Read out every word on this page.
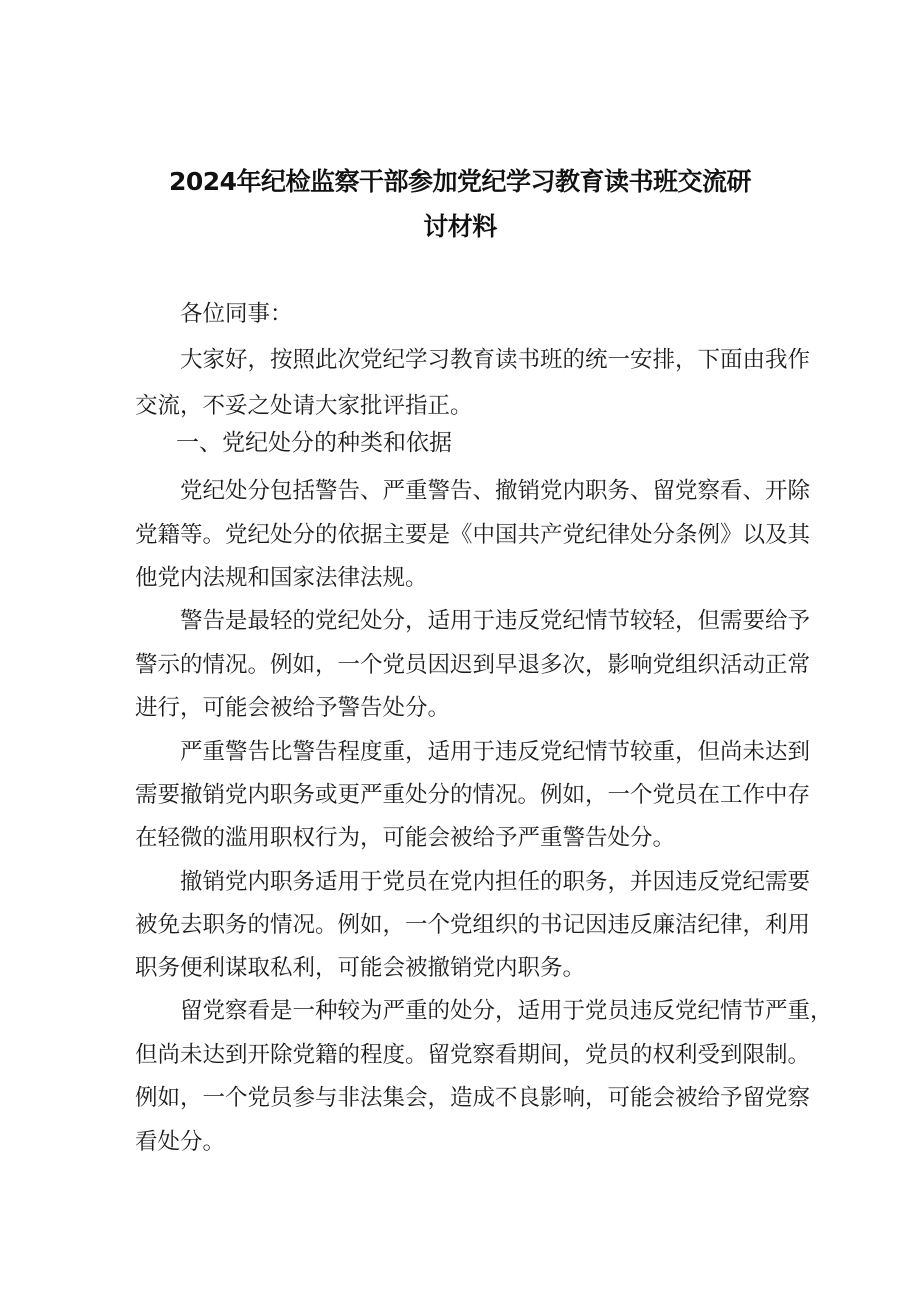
2024年纪检监察干部参加党纪学习教育读书班交流研
讨材料

各位同事：

大家好，按照此次党纪学习教育读书班的统一安排，下面由我作

交流，不妥之处请大家批评指正。

一、党纪处分的种类和依据

党纪处分包括警告、严重警告、撤销党内职务、留党察看、开除

党籍等。党纪处分的依据主要是《中国共产党纪律处分条例》以及其

他党内法规和国家法律法规。

警告是最轻的党纪处分，适用于违反党纪情节较轻，但需要给予

警示的情况。例如，一个党员因迟到早退多次，影响党组织活动正常

进行，可能会被给予警告处分。

严重警告比警告程度重，适用于违反党纪情节较重，但尚未达到

需要撤销党内职务或更严重处分的情况。例如，一个党员在工作中存

在轻微的滥用职权行为，可能会被给予严重警告处分。

撤销党内职务适用于党员在党内担任的职务，并因违反党纪需要

被免去职务的情况。例如，一个党组织的书记因违反廉洁纪律，利用

职务便利谋取私利，可能会被撤销党内职务。

留党察看是一种较为严重的处分，适用于党员违反党纪情节严重，

但尚未达到开除党籍的程度。留党察看期间，党员的权利受到限制。

例如，一个党员参与非法集会，造成不良影响，可能会被给予留党察

看处分。
